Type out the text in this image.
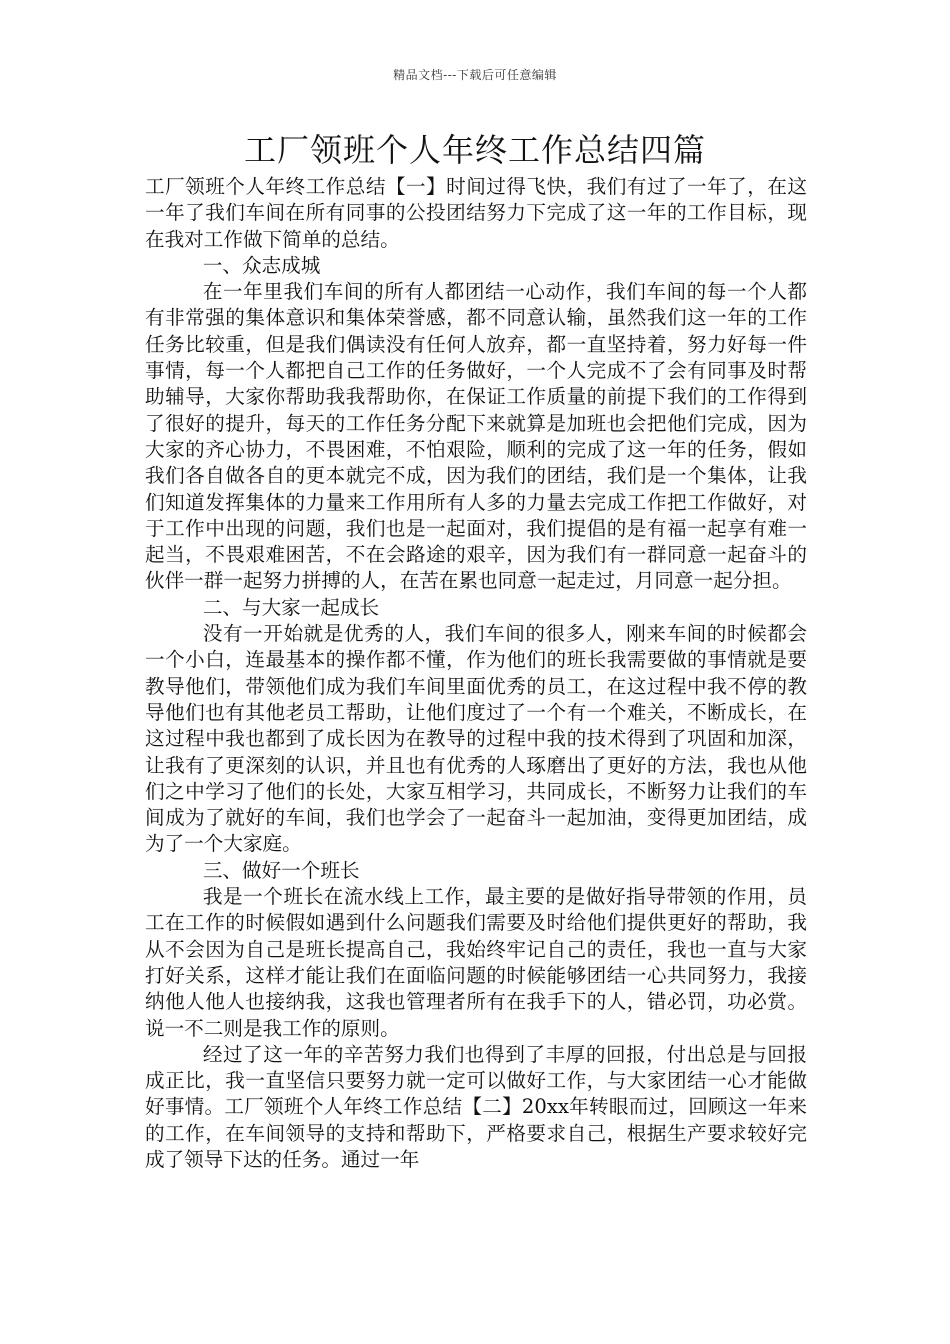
精品文档---下载后可任意编辑
工厂领班个人年终工作总结四篇

工厂领班个人年终工作总结【一】时间过得飞快，我们有过了一年了，在这一年了我们车间在所有同事的公投团结努力下完成了这一年的工作目标，现在我对工作做下简单的总结。

一、众志成城

在一年里我们车间的所有人都团结一心动作，我们车间的每一个人都有非常强的集体意识和集体荣誉感，都不同意认输，虽然我们这一年的工作任务比较重，但是我们偶读没有任何人放弃，都一直坚持着，努力好每一件事情，每一个人都把自己工作的任务做好，一个人完成不了会有同事及时帮助辅导，大家你帮助我我帮助你，在保证工作质量的前提下我们的工作得到了很好的提升，每天的工作任务分配下来就算是加班也会把他们完成，因为大家的齐心协力，不畏困难，不怕艰险，顺利的完成了这一年的任务，假如我们各自做各自的更本就完不成，因为我们的团结，我们是一个集体，让我们知道发挥集体的力量来工作用所有人多的力量去完成工作把工作做好，对于工作中出现的问题，我们也是一起面对，我们提倡的是有福一起享有难一起当，不畏艰难困苦，不在会路途的艰辛，因为我们有一群同意一起奋斗的伙伴一群一起努力拼搏的人，在苦在累也同意一起走过，月同意一起分担。

二、与大家一起成长

没有一开始就是优秀的人，我们车间的很多人，刚来车间的时候都会一个小白，连最基本的操作都不懂，作为他们的班长我需要做的事情就是要教导他们，带领他们成为我们车间里面优秀的员工，在这过程中我不停的教导他们也有其他老员工帮助，让他们度过了一个有一个难关，不断成长，在这过程中我也都到了成长因为在教导的过程中我的技术得到了巩固和加深，让我有了更深刻的认识，并且也有优秀的人琢磨出了更好的方法，我也从他们之中学习了他们的长处，大家互相学习，共同成长，不断努力让我们的车间成为了就好的车间，我们也学会了一起奋斗一起加油，变得更加团结，成为了一个大家庭。

三、做好一个班长

我是一个班长在流水线上工作，最主要的是做好指导带领的作用，员工在工作的时候假如遇到什么问题我们需要及时给他们提供更好的帮助，我从不会因为自己是班长提高自己，我始终牢记自己的责任，我也一直与大家打好关系，这样才能让我们在面临问题的时候能够团结一心共同努力，我接纳他人他人也接纳我，这我也管理者所有在我手下的人，错必罚，功必赏。说一不二则是我工作的原则。

经过了这一年的辛苦努力我们也得到了丰厚的回报，付出总是与回报成正比，我一直坚信只要努力就一定可以做好工作，与大家团结一心才能做好事情。工厂领班个人年终工作总结【二】20xx年转眼而过，回顾这一年来的工作，在车间领导的支持和帮助下，严格要求自己，根据生产要求较好完成了领导下达的任务。通过一年
